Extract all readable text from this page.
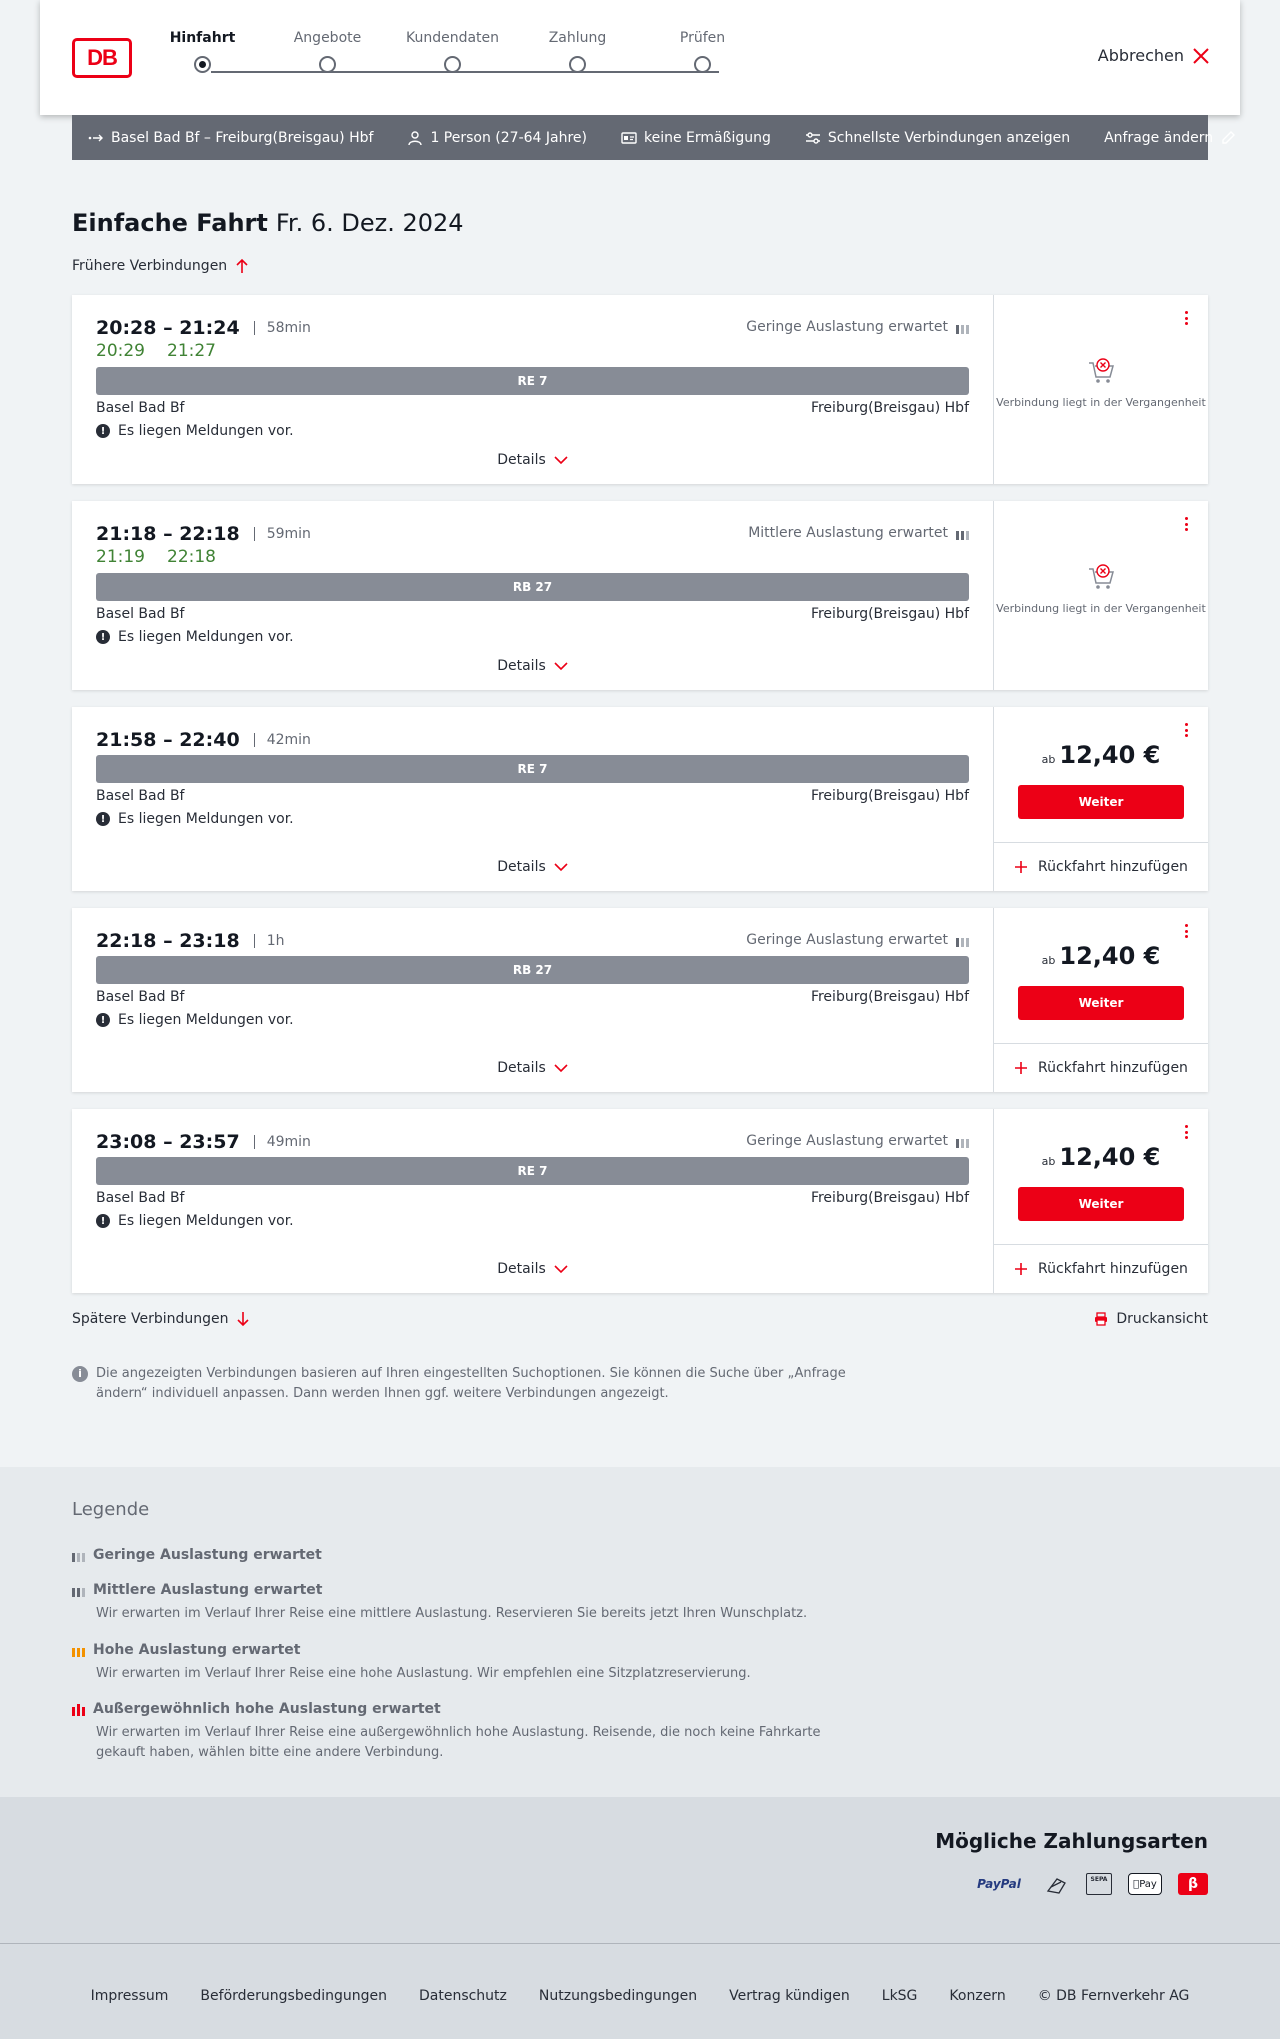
DB
Hinfahrt	Angebote	Kundendaten	Zahlung	Prüfen
Abbrechen
Basel Bad Bf – Freiburg(Breisgau) Hbf	1 Person (27-64 Jahre)	keine Ermäßigung	Schnellste Verbindungen anzeigen Anfrage ändern
Einfache Fahrt Fr. 6. Dez. 2024
Frühere Verbindungen
20:28 – 21:24 58min
20:29 21:27
Geringe Auslastung erwartet
RE 7
Basel Bad Bf	Freiburg(Breisgau) Hbf
! Es liegen Meldungen vor.
Details
Verbindung liegt in der Vergangenheit
21:18 – 22:18 59min
21:19 22:18
Mittlere Auslastung erwartet
RB 27
Basel Bad Bf	Freiburg(Breisgau) Hbf
! Es liegen Meldungen vor.
Details
Verbindung liegt in der Vergangenheit
21:58 – 22:40 42min
RE 7
Basel Bad Bf	Freiburg(Breisgau) Hbf
! Es liegen Meldungen vor.
Details
ab 12,40 €
Weiter
Rückfahrt hinzufügen
22:18 – 23:18 1h	Geringe Auslastung erwartet
RB 27
Basel Bad Bf	Freiburg(Breisgau) Hbf
! Es liegen Meldungen vor.
Details
ab 12,40 €
Weiter
Rückfahrt hinzufügen
23:08 – 23:57 49min	Geringe Auslastung erwartet
RE 7
Basel Bad Bf	Freiburg(Breisgau) Hbf
! Es liegen Meldungen vor.
Details
ab 12,40 €
Weiter
Rückfahrt hinzufügen
Spätere Verbindungen	Druckansicht
i	Die angezeigten Verbindungen basieren auf Ihren eingestellten Suchoptionen. Sie können die Suche über „Anfrage ändern“ individuell anpassen. Dann werden Ihnen ggf. weitere Verbindungen angezeigt.
Legende
Geringe Auslastung erwartet
Mittlere Auslastung erwartet
Wir erwarten im Verlauf Ihrer Reise eine mittlere Auslastung. Reservieren Sie bereits jetzt Ihren Wunschplatz.
Hohe Auslastung erwartet
Wir erwarten im Verlauf Ihrer Reise eine hohe Auslastung. Wir empfehlen eine Sitzplatzreservierung.
Außergewöhnlich hohe Auslastung erwartet
Wir erwarten im Verlauf Ihrer Reise eine außergewöhnlich hohe Auslastung. Reisende, die noch keine Fahrkarte gekauft haben, wählen bitte eine andere Verbindung.
Mögliche Zahlungsarten
PayPal	SEPA	Pay	β
Impressum Beförderungsbedingungen Datenschutz Nutzungsbedingungen Vertrag kündigen LkSG Konzern © DB Fernverkehr AG
